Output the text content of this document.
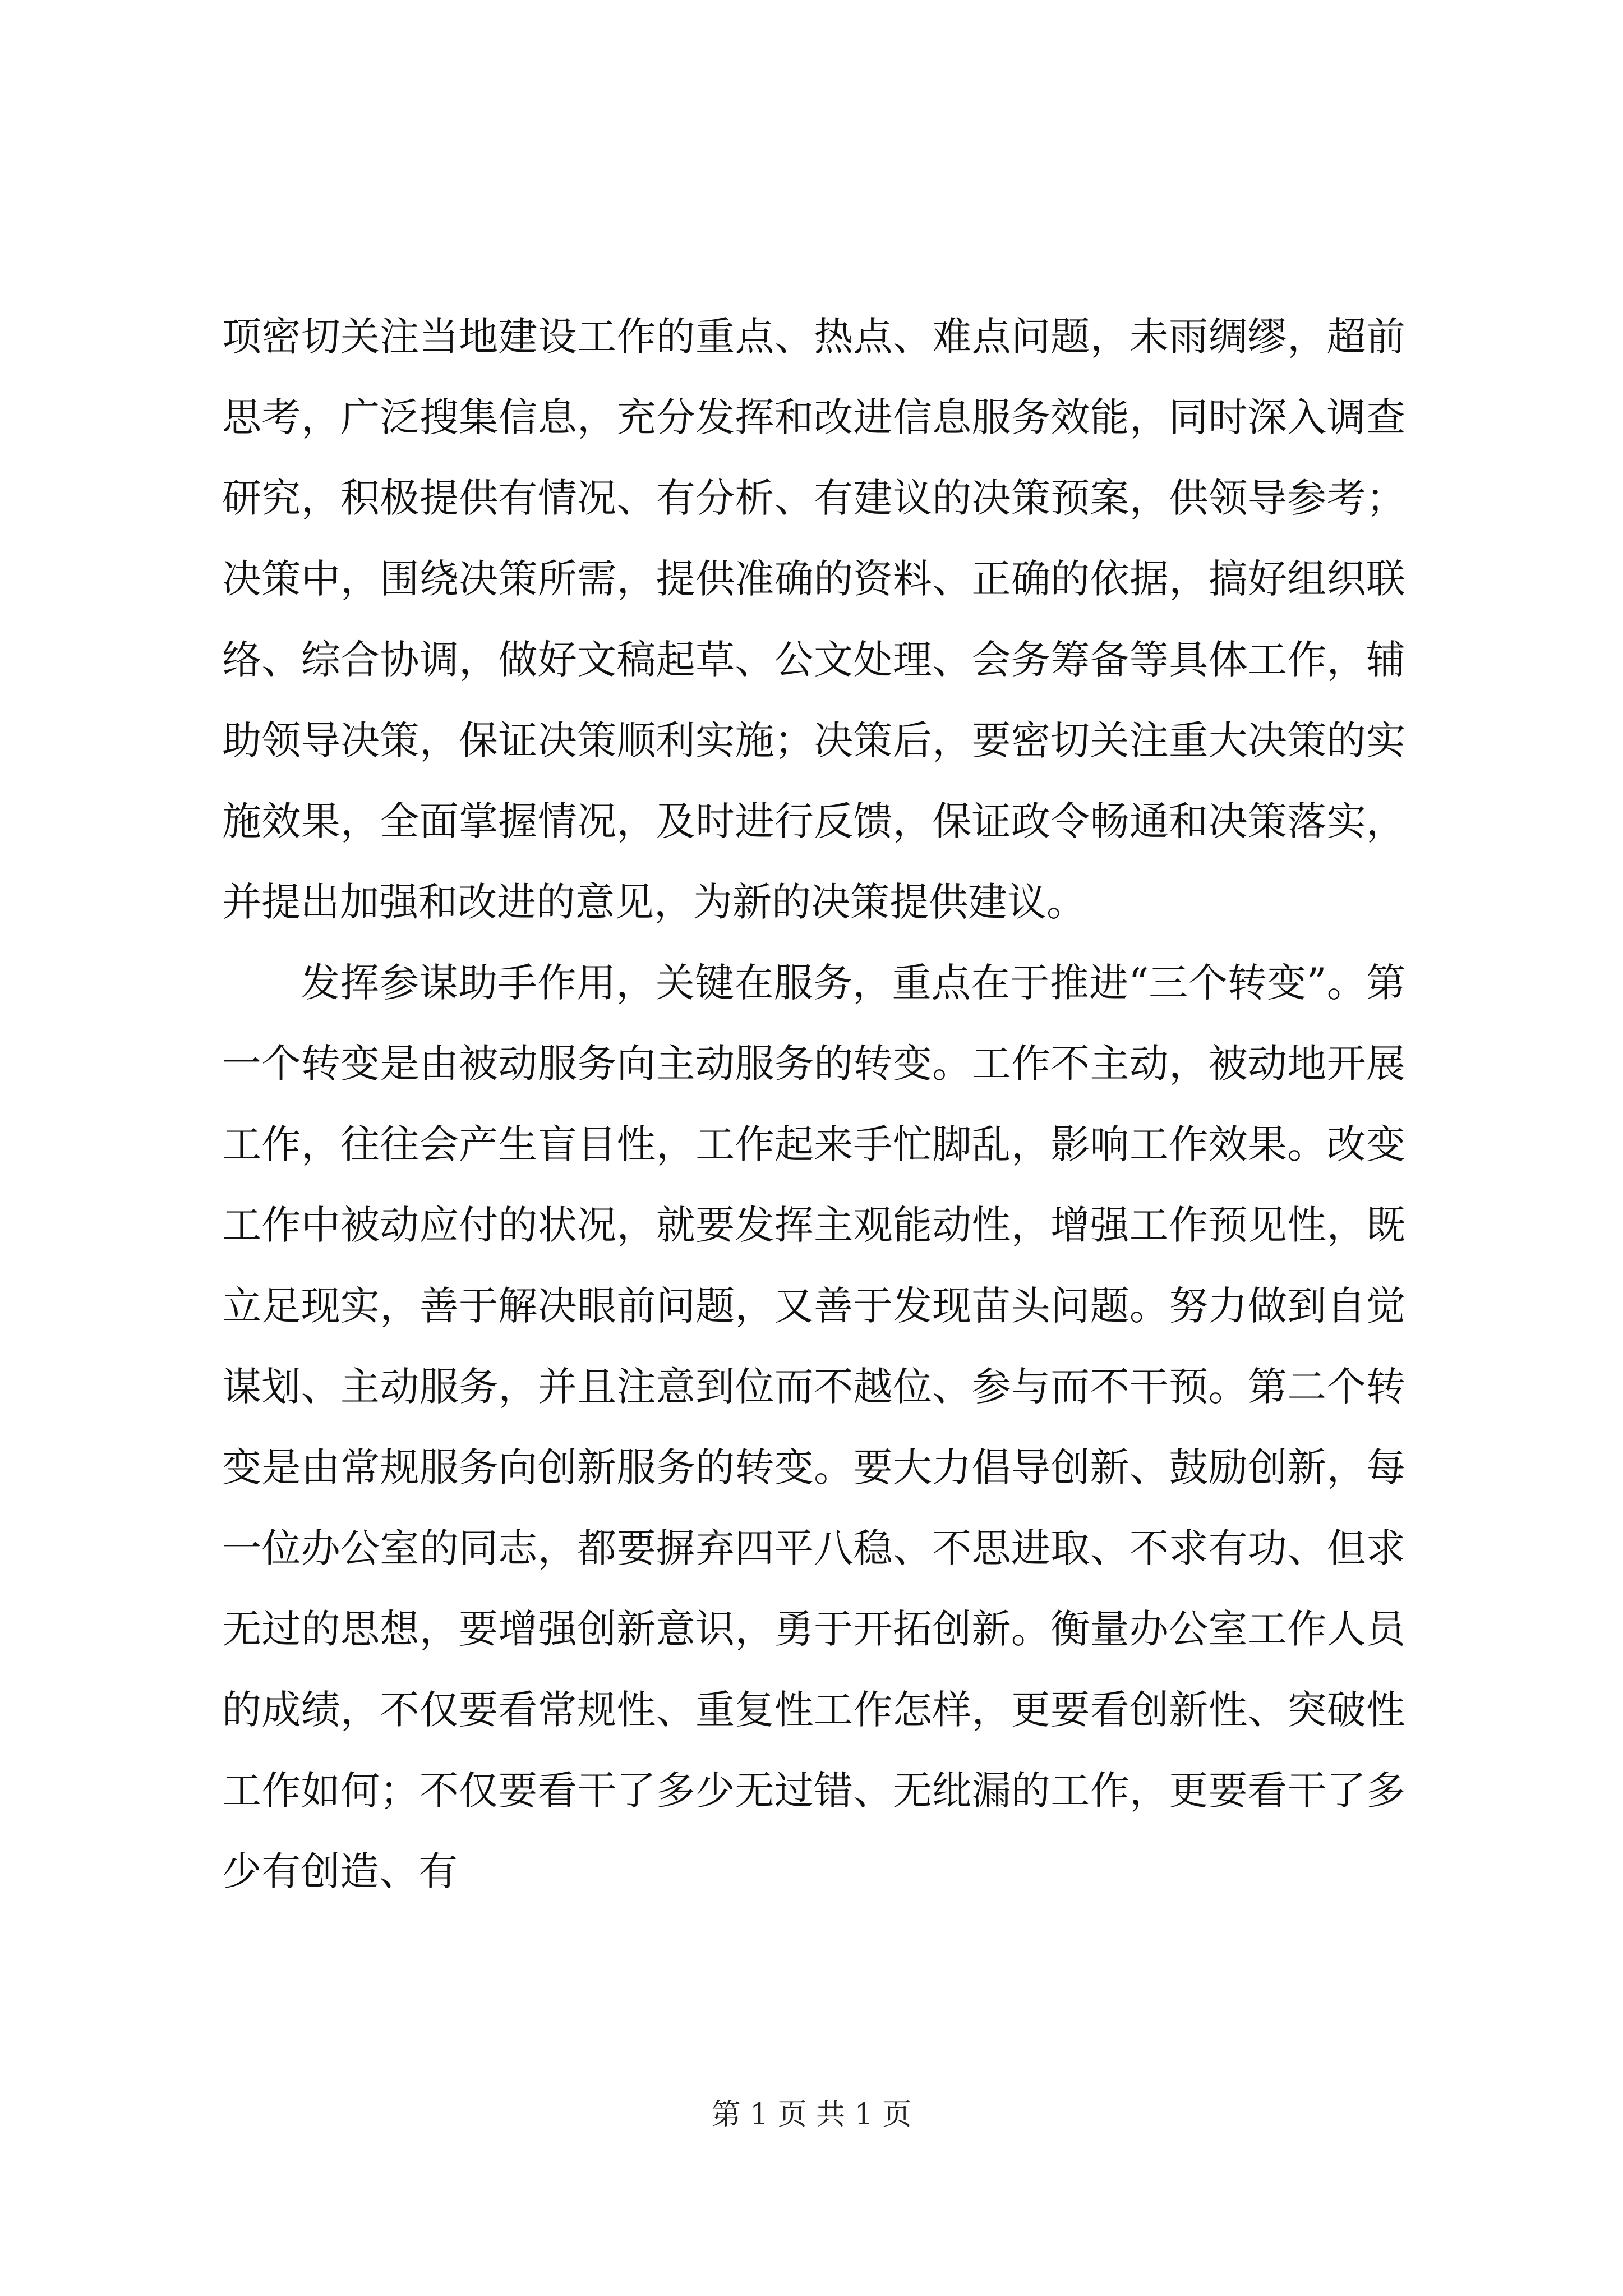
项密切关注当地建设工作的重点、热点、难点问题，未雨绸缪，超前思考，广泛搜集信息，充分发挥和改进信息服务效能，同时深入调查研究，积极提供有情况、有分析、有建议的决策预案，供领导参考；决策中，围绕决策所需，提供准确的资料、正确的依据，搞好组织联络、综合协调，做好文稿起草、公文处理、会务筹备等具体工作，辅助领导决策，保证决策顺利实施；决策后，要密切关注重大决策的实施效果，全面掌握情况，及时进行反馈，保证政令畅通和决策落实，并提出加强和改进的意见，为新的决策提供建议。

发挥参谋助手作用，关键在服务，重点在于推进“三个转变”。第一个转变是由被动服务向主动服务的转变。工作不主动，被动地开展工作，往往会产生盲目性，工作起来手忙脚乱，影响工作效果。改变工作中被动应付的状况，就要发挥主观能动性，增强工作预见性，既立足现实，善于解决眼前问题，又善于发现苗头问题。努力做到自觉谋划、主动服务，并且注意到位而不越位、参与而不干预。第二个转变是由常规服务向创新服务的转变。要大力倡导创新、鼓励创新，每一位办公室的同志，都要摒弃四平八稳、不思进取、不求有功、但求无过的思想，要增强创新意识，勇于开拓创新。衡量办公室工作人员的成绩，不仅要看常规性、重复性工作怎样，更要看创新性、突破性工作如何；不仅要看干了多少无过错、无纰漏的工作，更要看干了多少有创造、有

第 1 页 共 1 页
